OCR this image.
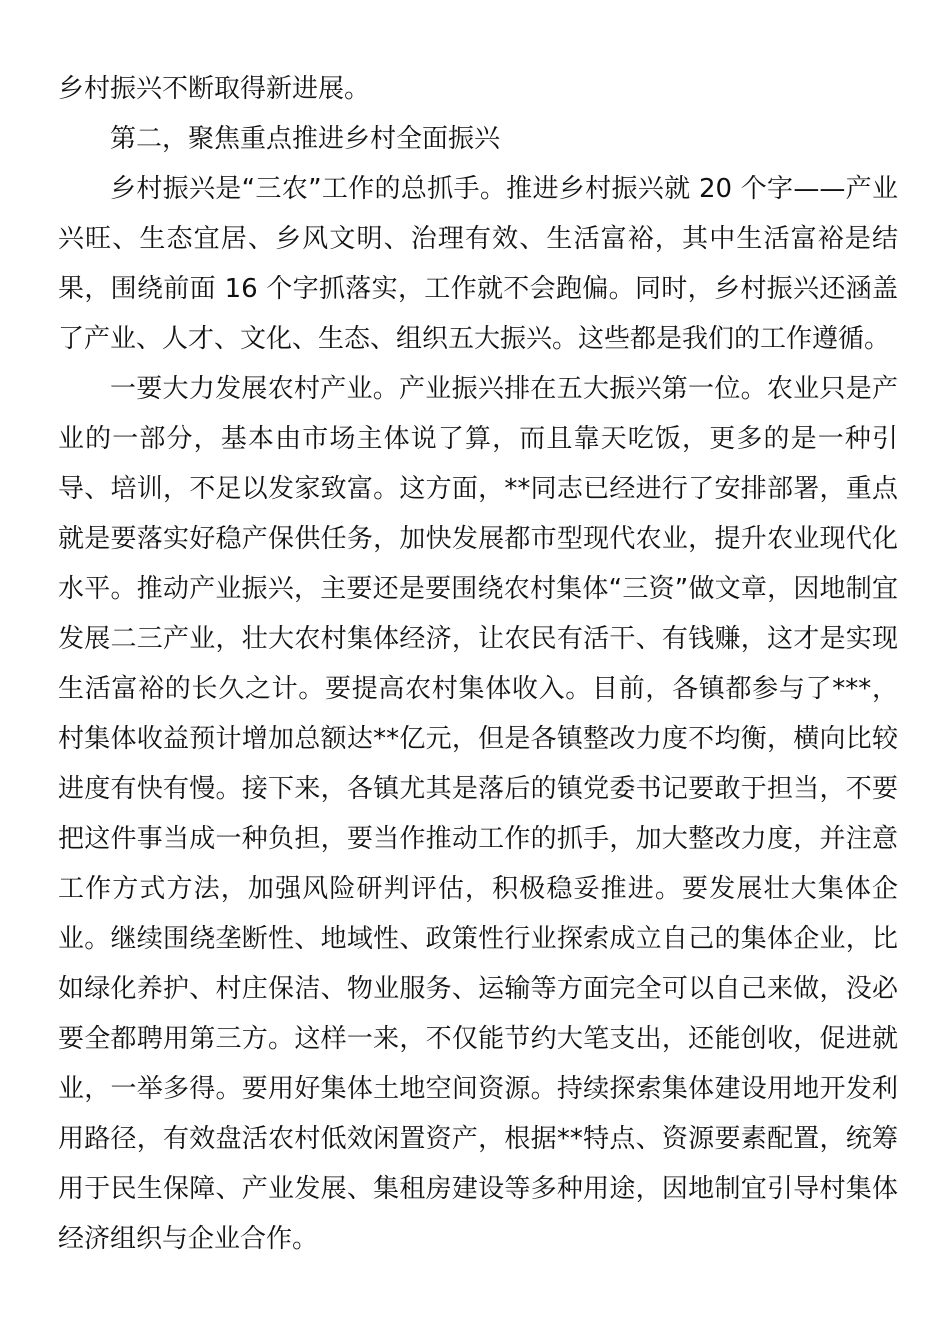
乡村振兴不断取得新进展。

第二，聚焦重点推进乡村全面振兴

乡村振兴是“三农”工作的总抓手。推进乡村振兴就 20 个字——产业兴旺、生态宜居、乡风文明、治理有效、生活富裕，其中生活富裕是结果，围绕前面 16 个字抓落实，工作就不会跑偏。同时，乡村振兴还涵盖了产业、人才、文化、生态、组织五大振兴。这些都是我们的工作遵循。

一要大力发展农村产业。产业振兴排在五大振兴第一位。农业只是产业的一部分，基本由市场主体说了算，而且靠天吃饭，更多的是一种引导、培训，不足以发家致富。这方面，**同志已经进行了安排部署，重点就是要落实好稳产保供任务，加快发展都市型现代农业，提升农业现代化水平。推动产业振兴，主要还是要围绕农村集体“三资”做文章，因地制宜发展二三产业，壮大农村集体经济，让农民有活干、有钱赚，这才是实现生活富裕的长久之计。要提高农村集体收入。目前，各镇都参与了***，村集体收益预计增加总额达**亿元，但是各镇整改力度不均衡，横向比较进度有快有慢。接下来，各镇尤其是落后的镇党委书记要敢于担当，不要把这件事当成一种负担，要当作推动工作的抓手，加大整改力度，并注意工作方式方法，加强风险研判评估，积极稳妥推进。要发展壮大集体企业。继续围绕垄断性、地域性、政策性行业探索成立自己的集体企业，比如绿化养护、村庄保洁、物业服务、运输等方面完全可以自己来做，没必要全都聘用第三方。这样一来，不仅能节约大笔支出，还能创收，促进就业，一举多得。要用好集体土地空间资源。持续探索集体建设用地开发利用路径，有效盘活农村低效闲置资产，根据**特点、资源要素配置，统筹用于民生保障、产业发展、集租房建设等多种用途，因地制宜引导村集体经济组织与企业合作。
